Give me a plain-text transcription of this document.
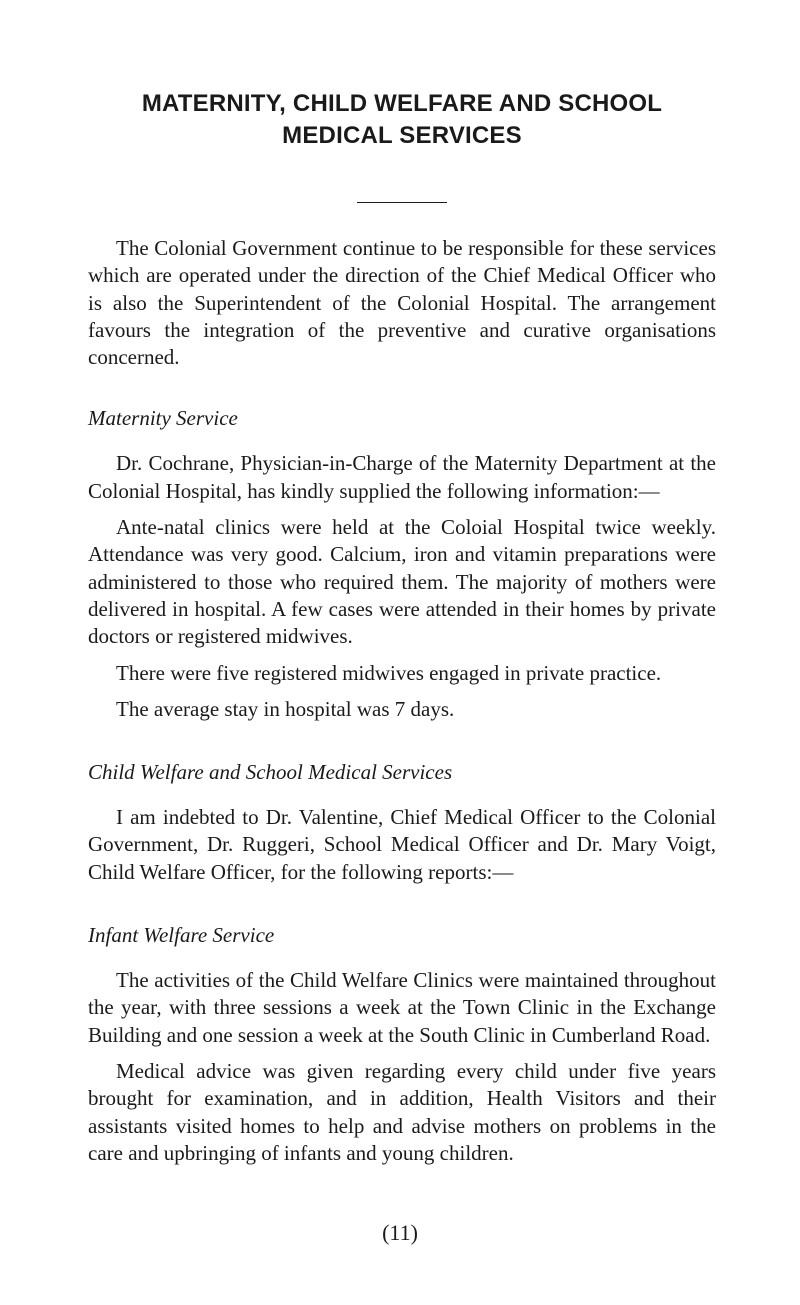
MATERNITY, CHILD WELFARE AND SCHOOL
MEDICAL SERVICES

The Colonial Government continue to be responsible for these services which are operated under the direction of the Chief Medical Officer who is also the Superintendent of the Colonial Hospital. The arrangement favours the integration of the preventive and curative organisations concerned.

Maternity Service

Dr. Cochrane, Physician-in-Charge of the Maternity Department at the Colonial Hospital, has kindly supplied the following information:—

Ante-natal clinics were held at the Coloial Hospital twice weekly. Attendance was very good. Calcium, iron and vitamin preparations were administered to those who required them. The majority of mothers were delivered in hospital. A few cases were attended in their homes by private doctors or registered midwives.

There were five registered midwives engaged in private practice.

The average stay in hospital was 7 days.

Child Welfare and School Medical Services

I am indebted to Dr. Valentine, Chief Medical Officer to the Colonial Government, Dr. Ruggeri, School Medical Officer and Dr. Mary Voigt, Child Welfare Officer, for the following reports:—

Infant Welfare Service

The activities of the Child Welfare Clinics were maintained throughout the year, with three sessions a week at the Town Clinic in the Exchange Building and one session a week at the South Clinic in Cumberland Road.

Medical advice was given regarding every child under five years brought for examination, and in addition, Health Visitors and their assistants visited homes to help and advise mothers on problems in the care and upbringing of infants and young children.

(11)
